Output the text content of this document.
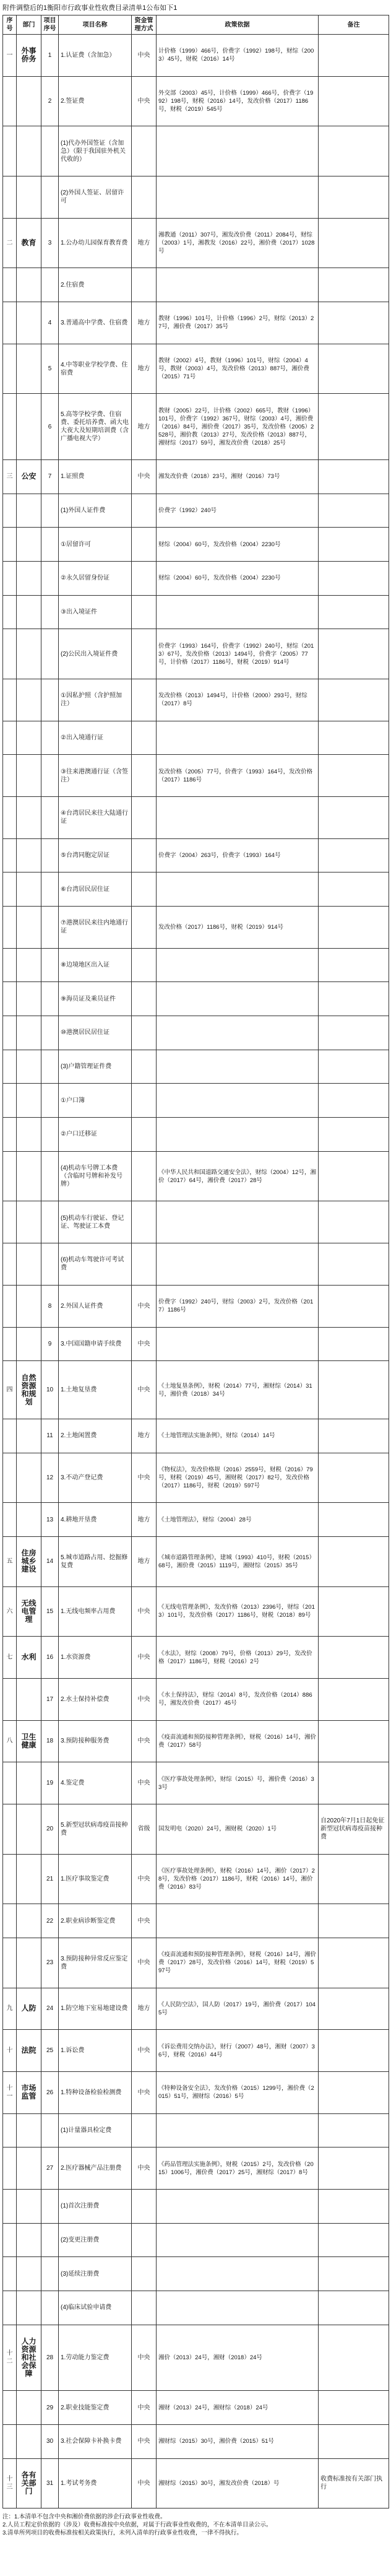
附件调整后的1衡阳市行政事业性收费目录清单1公布如下1
序号	部门	项目序号	项目名称	资金管理方式	政策依据	备注
一	外事侨务	1	1.认证费（含加急）	中央	计价格（1999）466号，价费字（1992）198号，财综（2003）45号，财税（2016）14号	
		2	2.签证费	中央	外交部（2003）45号，计价格（1999）466号，价费字（1992）198号，财税（2016）14号，发改价格（2017）1186号，财税（2019）545号	
			(1)代办外国签证（含加急）（限于我国驻外机关代收的）			
			(2)外国人签证、居留许可			
二	教育	3	1.公办幼儿园保育教育费	地方	湘教通（2011）307号，湘发改价费（2011）2084号，财综（2003）1号，湘教发（2016）22号，湘价费（2017）1028号	
			2.住宿费			
		4	3.普通高中学费、住宿费	地方	教财（1996）101号，计价格（1996）2号，财综（2013）27号，湘价费（2017）35号	
		5	4.中等职业学校学费、住宿费	地方	教财（2002）4号，教财（1996）101号，财综（2004）4号，教财（2003）4号，发改价格（2013）887号，湘价费（2015）71号	
		6	5.高等学校学费、住宿费、委托培养费、函大电大夜大及短期培训费（含广播电视大学）	地方	教财（2005）22号，计价格（2002）665号，教财（1996）101号，价费字（1992）367号，财综（2003）4号，湘价费（2016）84号，湘价费（2017）35号，发改价格（2005）2528号，湘价教（2013）27号，发改价格（2013）887号，湘财综（2017）59号，湘发改价费（2018）25号	
三	公安	7	1.证照费	中央	湘发改价费（2018）23号，湘财（2016）73号	
			(1)外国人证件费		价费字（1992）240号	
			①居留许可		财综（2004）60号，发改价格（2004）2230号	
			②永久居留身份证		财综（2004）60号，发改价格（2004）2230号	
			③出入境证件			
			(2)公民出入境证件费		价费字（1993）164号，价费字（1992）240号，财综（2013）67号，发改价格（2013）1494号，价费字（2005）77号，计价格（2017）1186号，财税（2019）914号	
			①因私护照（含护照加注）		发改价格（2013）1494号，计价格（2000）293号，财综（2017）8号	
			②出入境通行证			
			③往来港澳通行证（含签注）		发改价格（2005）77号，价费字（1993）164号，发改价格（2017）1186号	
			④台湾居民来往大陆通行证			
			⑤台湾同胞定居证		价费字（2004）263号，价费字（1993）164号	
			⑥台湾居民居住证			
			⑦港澳居民来往内地通行证		发改价格（2017）1186号，财税（2019）914号	
			⑧边境地区出入证			
			⑨海员证及乘员证件			
			⑩港澳居民居住证			
			(3)户籍管理证件费			
			①户口簿			
			②户口迁移证			
			(4)机动车号牌工本费（含临时号牌和补发号牌）		《中华人民共和国道路交通安全法》，财综（2004）12号，湘价（2017）64号，湘价费（2017）28号	
			(5)机动车行驶证、登记证、驾驶证工本费			
			(6)机动车驾驶许可考试费			
		8	2.外国人证件费	中央	价费字（1992）240号，财综（2003）2号，发改价格（2017）1186号	
		9	3.中国国籍申请手续费	中央		
四	自然资源和规划	10	1.土地复垦费	中央	《土地复垦条例》，财税（2014）77号，湘财综（2014）31号，湘价费（2018）34号	
		11	2.土地闲置费	地方	《土地管理法实施条例》，财综（2014）14号	
		12	3.不动产登记费	中央	《物权法》，发改价格规（2016）2559号，财税（2016）79号，财税（2019）45号，湘财税（2017）82号，发改价格（2017）1186号，财税（2019）597号	
		13	4.耕地开垦费	地方	《土地管理法》，财综（2004）28号	
五	住房城乡建设	14	5.城市道路占用、挖掘修复费	地方	《城市道路管理条例》，建城（1993）410号，财税（2015）68号，湘价费（2015）1119号，湘财综（2015）35号	
六	无线电管理	15	1.无线电频率占用费	中央	《无线电管理条例》，发改价格（2013）2396号，财综（2013）101号，发改价格（2017）1186号，财税（2018）89号	
七	水利	16	1.水资源费	中央	《水法》，财综（2008）79号，价格（2013）29号，发改价格（2017）1186号，财税（2016）2号	
		17	2.水土保持补偿费	中央	《水土保持法》，财综（2014）8号，发改价格（2014）886号，湘发改价费（2017）45号	
八	卫生健康	18	3.预防接种服务费	中央	《疫苗流通和预防接种管理条例》，财税（2016）14号，湘价费（2017）58号	
		19	4.鉴定费	中央	《医疗事故处理条例》，财综（2015）号，湘价费（2016）33号	
		20	5.新型冠状病毒疫苗接种费	省级	国发明电（2020）24号，湘财税（2020）1号	自2020年7月1日起免征新型冠状病毒疫苗接种费
		21	1.医疗事故鉴定费	中央	《医疗事故处理条例》，财税（2016）14号，湘价（2017）28号，发改价格（2017）1186号，财税（2016）14号，湘价费（2016）83号	
		22	2.职业病诊断鉴定费	中央		
		23	3.预防接种异常反应鉴定费	中央	《疫苗流通和预防接种管理条例》，财税（2016）14号，湘价费（2017）28号，发改价格（2016）14号，财税（2019）597号	
九	人防	24	1.防空地下室易地建设费	地方	《人民防空法》，国人防（2017）19号，湘价费（2017）1045号	
十	法院	25	1.诉讼费	中央	《诉讼费用交纳办法》，财行（2007）48号，湘财（2007）36号，财税（2016）44号	
十一	市场监管	26	1.特种设备检验检测费	中央	《特种设备安全法》，发改价格（2015）1299号，湘价费（2015）51号，湘财综（2016）5号	
			(1)计量器具检定费			
		27	2.医疗器械产品注册费	中央	《药品管理法实施条例》，财税（2015）2号，发改价格（2015）1006号，湘价费（2017）25号，湘财综（2017）8号	
			(1)首次注册费			
			(2)变更注册费			
			(3)延续注册费			
			(4)临床试验申请费			
十二	人力资源和社会保障	28	1.劳动能力鉴定费	中央	湘价（2013）24号，湘财（2018）24号	
		29	2.职业技能鉴定费	中央	湘财（2013）24号，湘财综（2018）24号	
		30	3.社会保障卡补换卡费	中央	湘财综（2015）30号，湘价费（2015）51号	
十三	各有关部门	31	1.考试考务费	中央	湘财综（2015）30号，湘发改价费（2018）号	收费标准按有关部门执行
注：1.本清单不包含中央和湘价费依据的涉企行政事业性收费。
2.人员工程定价依据的（涉及）收费标准按中央依据，对属于行政事业性收费的，不在本清单目录公示。
3.清单所列项目的收费标准按相关政策执行，未列入清单的行政事业性收费，一律不得执行。
